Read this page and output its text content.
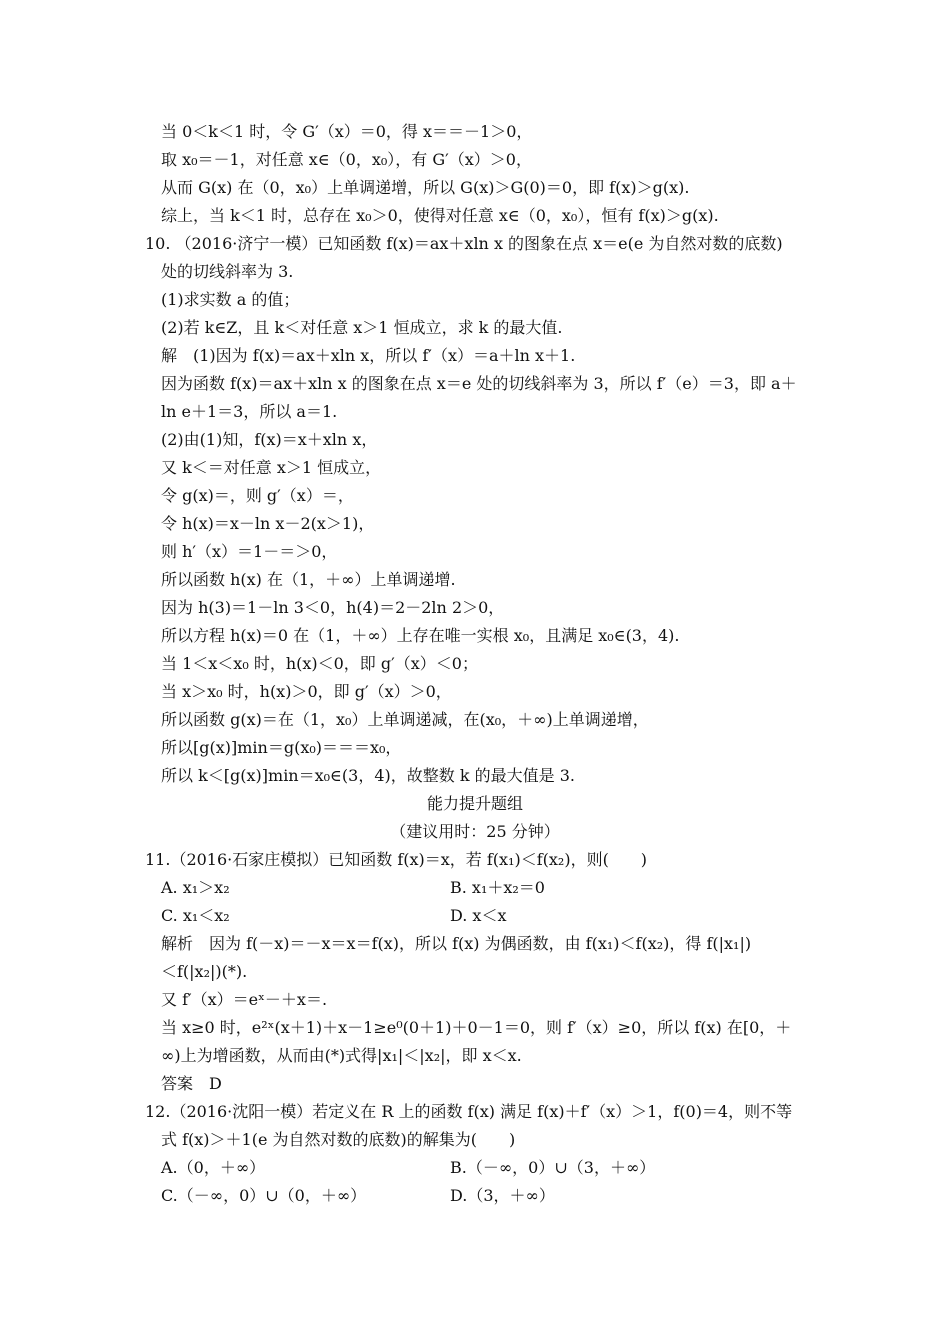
当 0＜k＜1 时，令 G′（x）＝0，得 x＝＝－1＞0，
取 x₀＝－1，对任意 x∈（0，x₀），有 G′（x）＞0，
从而 G(x) 在（0，x₀）上单调递增，所以 G(x)＞G(0)＝0，即 f(x)＞g(x).
综上，当 k＜1 时，总存在 x₀＞0，使得对任意 x∈（0，x₀），恒有 f(x)＞g(x).
10. （2016·济宁一模）已知函数 f(x)＝ax＋xln x 的图象在点 x＝e(e 为自然对数的底数)
处的切线斜率为 3.
(1)求实数 a 的值；
(2)若 k∈Z，且 k＜对任意 x＞1 恒成立，求 k 的最大值.
解　(1)因为 f(x)＝ax＋xln x，所以 f′（x）＝a＋ln x＋1.
因为函数 f(x)＝ax＋xln x 的图象在点 x＝e 处的切线斜率为 3，所以 f′（e）＝3，即 a＋
ln e＋1＝3，所以 a＝1.
(2)由(1)知，f(x)＝x＋xln x，
又 k＜＝对任意 x＞1 恒成立，
令 g(x)＝，则 g′（x）＝，
令 h(x)＝x－ln x－2(x＞1)，
则 h′（x）＝1－＝＞0，
所以函数 h(x) 在（1，＋∞）上单调递增.
因为 h(3)＝1－ln 3＜0，h(4)＝2－2ln 2＞0，
所以方程 h(x)＝0 在（1，＋∞）上存在唯一实根 x₀，且满足 x₀∈(3，4).
当 1＜x＜x₀ 时，h(x)＜0，即 g′（x）＜0；
当 x＞x₀ 时，h(x)＞0，即 g′（x）＞0，
所以函数 g(x)＝在（1，x₀）上单调递减，在(x₀，＋∞)上单调递增，
所以[g(x)]min＝g(x₀)＝＝＝x₀，
所以 k＜[g(x)]min＝x₀∈(3，4)，故整数 k 的最大值是 3.
能力提升题组
（建议用时：25 分钟）
11.（2016·石家庄模拟）已知函数 f(x)＝x，若 f(x₁)＜f(x₂)，则(　　)
A. x₁＞x₂	B. x₁＋x₂＝0
C. x₁＜x₂	D. x＜x
解析　因为 f(－x)＝－x＝x＝f(x)，所以 f(x) 为偶函数，由 f(x₁)＜f(x₂)，得 f(|x₁|)
＜f(|x₂|)(*).
又 f′（x）＝eˣ－＋x＝.
当 x≥0 时，e²ˣ(x＋1)＋x－1≥e⁰(0＋1)＋0－1＝0，则 f′（x）≥0，所以 f(x) 在[0，＋
∞)上为增函数，从而由(*)式得|x₁|＜|x₂|，即 x＜x.
答案　D
12.（2016·沈阳一模）若定义在 R 上的函数 f(x) 满足 f(x)＋f′（x）＞1，f(0)＝4，则不等
式 f(x)＞＋1(e 为自然对数的底数)的解集为(　　)
A.（0，＋∞）	B.（－∞，0）∪（3，＋∞）
C.（－∞，0）∪（0，＋∞）	D.（3，＋∞）
